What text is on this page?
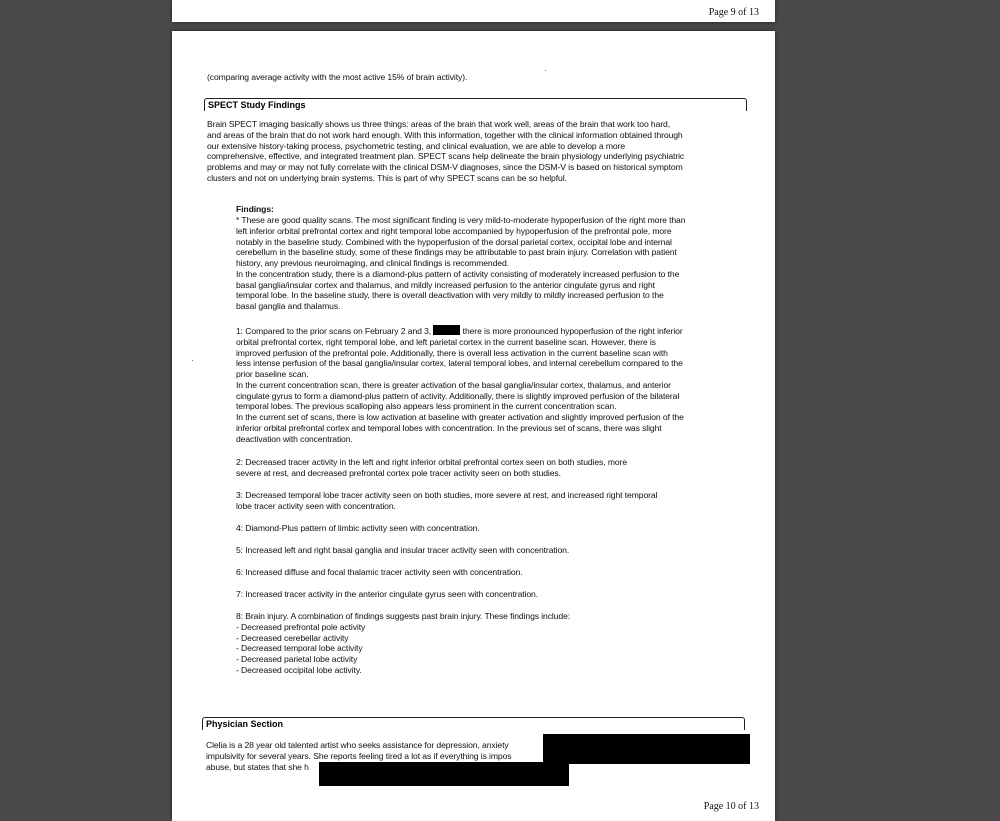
Page 9 of 13
(comparing average activity with the most active 15% of brain activity).
SPECT Study Findings
Brain SPECT imaging basically shows us three things: areas of the brain that work well, areas of the brain that work too hard,
and areas of the brain that do not work hard enough. With this information, together with the clinical information obtained through
our extensive history-taking process, psychometric testing, and clinical evaluation, we are able to develop a more
comprehensive, effective, and integrated treatment plan. SPECT scans help delineate the brain physiology underlying psychiatric
problems and may or may not fully correlate with the clinical DSM-V diagnoses, since the DSM-V is based on historical symptom
clusters and not on underlying brain systems. This is part of why SPECT scans can be so helpful.
Findings:
* These are good quality scans. The most significant finding is very mild-to-moderate hypoperfusion of the right more than
left inferior orbital prefrontal cortex and right temporal lobe accompanied by hypoperfusion of the prefrontal pole, more
notably in the baseline study. Combined with the hypoperfusion of the dorsal parietal cortex, occipital lobe and internal
cerebellum in the baseline study, some of these findings may be attributable to past brain injury. Correlation with patient
history, any previous neuroimaging, and clinical findings is recommended.
In the concentration study, there is a diamond-plus pattern of activity consisting of moderately increased perfusion to the
basal ganglia/insular cortex and thalamus, and mildly increased perfusion to the anterior cingulate gyrus and right
temporal lobe. In the baseline study, there is overall deactivation with very mildly to mildly increased perfusion to the
basal ganglia and thalamus.
1: Compared to the prior scans on February 2 and 3,	there is more pronounced hypoperfusion of the right inferior
orbital prefrontal cortex, right temporal lobe, and left parietal cortex in the current baseline scan. However, there is
improved perfusion of the prefrontal pole. Additionally, there is overall less activation in the current baseline scan with
less intense perfusion of the basal ganglia/insular cortex, lateral temporal lobes, and internal cerebellum compared to the
prior baseline scan.
In the current concentration scan, there is greater activation of the basal ganglia/insular cortex, thalamus, and anterior
cingulate gyrus to form a diamond-plus pattern of activity. Additionally, there is slightly improved perfusion of the bilateral
temporal lobes. The previous scalloping also appears less prominent in the current concentration scan.
In the current set of scans, there is low activation at baseline with greater activation and slightly improved perfusion of the
inferior orbital prefrontal cortex and temporal lobes with concentration. In the previous set of scans, there was slight
deactivation with concentration.
2: Decreased tracer activity in the left and right inferior orbital prefrontal cortex seen on both studies, more
severe at rest, and decreased prefrontal cortex pole tracer activity seen on both studies.
3: Decreased temporal lobe tracer activity seen on both studies, more severe at rest, and increased right temporal
lobe tracer activity seen with concentration.
4: Diamond-Plus pattern of limbic activity seen with concentration.
5: Increased left and right basal ganglia and insular tracer activity seen with concentration.
6: Increased diffuse and focal thalamic tracer activity seen with concentration.
7: Increased tracer activity in the anterior cingulate gyrus seen with concentration.
8: Brain injury. A combination of findings suggests past brain injury. These findings include:
- Decreased prefrontal pole activity
- Decreased cerebellar activity
- Decreased temporal lobe activity
- Decreased parietal lobe activity
- Decreased occipital lobe activity.
Physician Section
Clelia is a 28 year old talented artist who seeks assistance for depression, anxiety
impulsivity for several years. She reports feeling tired a lot as if everything is impos
abuse, but states that she h
Page 10 of 13
